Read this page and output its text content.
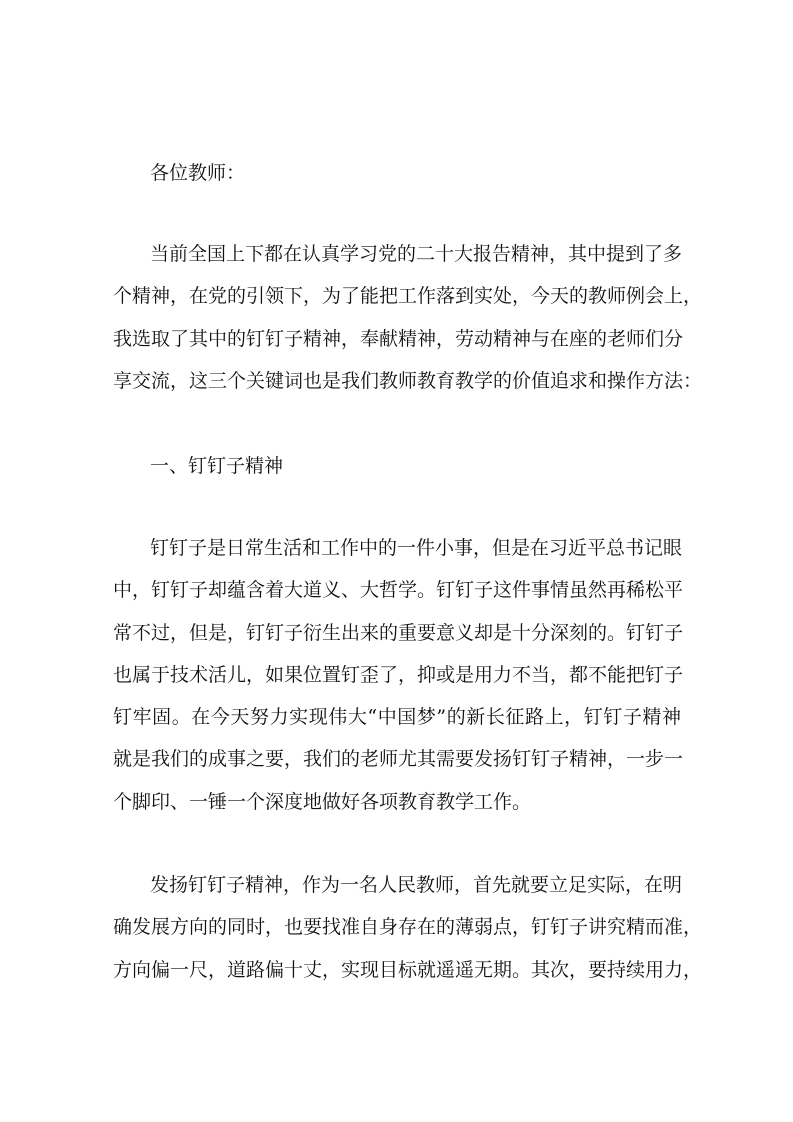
各位教师：
当前全国上下都在认真学习党的二十大报告精神，其中提到了多
个精神，在党的引领下，为了能把工作落到实处，今天的教师例会上，
我选取了其中的钉钉子精神，奉献精神，劳动精神与在座的老师们分
享交流，这三个关键词也是我们教师教育教学的价值追求和操作方法：
一、钉钉子精神
钉钉子是日常生活和工作中的一件小事，但是在习近平总书记眼
中，钉钉子却蕴含着大道义、大哲学。钉钉子这件事情虽然再稀松平
常不过，但是，钉钉子衍生出来的重要意义却是十分深刻的。钉钉子
也属于技术活儿，如果位置钉歪了，抑或是用力不当，都不能把钉子
钉牢固。在今天努力实现伟大“中国梦”的新长征路上，钉钉子精神
就是我们的成事之要，我们的老师尤其需要发扬钉钉子精神，一步一
个脚印、一锤一个深度地做好各项教育教学工作。
发扬钉钉子精神，作为一名人民教师，首先就要立足实际，在明
确发展方向的同时，也要找准自身存在的薄弱点，钉钉子讲究精而准，
方向偏一尺，道路偏十丈，实现目标就遥遥无期。其次，要持续用力，
